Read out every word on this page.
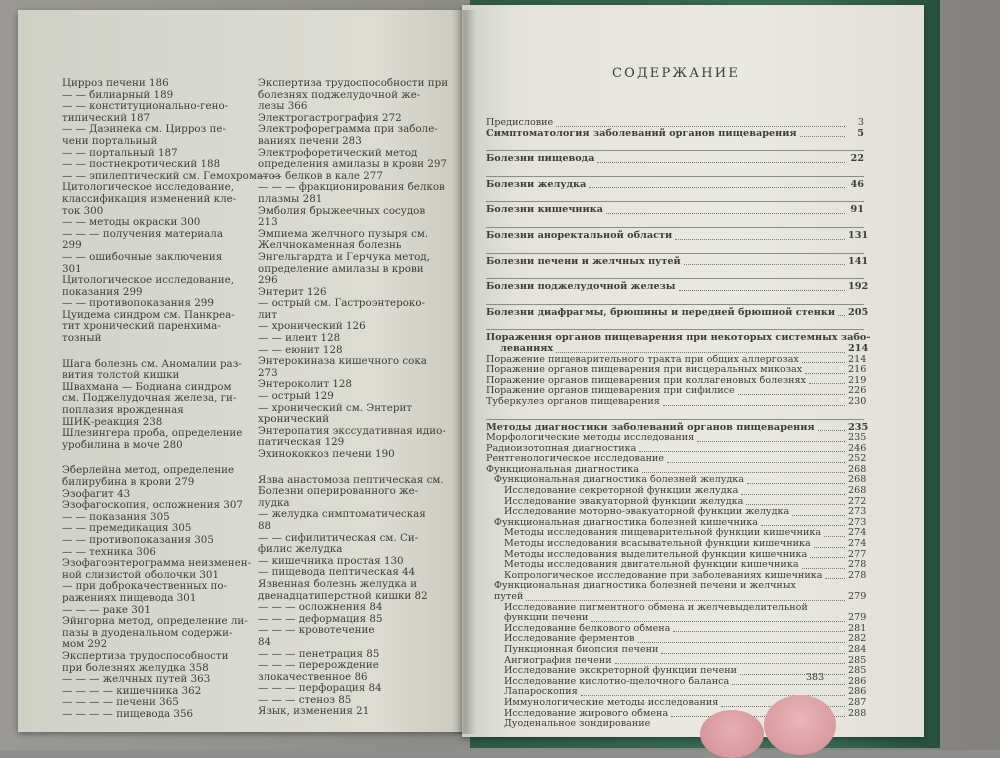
Цирроз печени 186
— — билиарный 189
— — конституционально-гено-
типический 187
— — Даэинека см. Цирроз пе-
чени портальный
— — портальный 187
— — постнекротический 188
— — эпилептический см. Гемохроматоз
Цитологическое исследование,
классификация изменений кле-
ток 300
— — методы окраски 300
— — — получения материала
299
— — ошибочные заключения
301
Цитологическое исследование,
показания 299
— — противопоказания 299
Цуидема синдром см. Панкреа-
тит хронический паренхима-
тозный
Шага болезнь см. Аномалии раз-
вития толстой кишки
Швахмана — Бодиана синдром
см. Поджелудочная железа, ги-
поплазия врожденная
ШИК-реакция 238
Шлезингера проба, определение
уробилина в моче 280
Эберлейна метод, определение
билирубина в крови 279
Эзофагит 43
Эзофагоскопия, осложнения 307
— — показания 305
— — премедикация 305
— — противопоказания 305
— — техника 306
Эзофагоэнтерограмма неизменен-
ной слизистой оболочки 301
— при доброкачественных по-
ражениях пищевода 301
— — — раке 301
Эйнгорна метод, определение ли-
пазы в дуоденальном содержи-
мом 292
Экспертиза трудоспособности
при болезнях желудка 358
— — — желчных путей 363
— — — — кишечника 362
— — — — печени 365
— — — — пищевода 356
Экспертиза трудоспособности при
болезнях поджелудочной же-
лезы 366
Электрогастрография 272
Электрофореграмма при заболе-
ваниях печени 283
Электрофоретический метод
определения амилазы в крови 297
— — белков в кале 277
— — — фракционирования белков
плазмы 281
Эмболия брыжеечных сосудов
213
Эмпиема желчного пузыря см.
Желчнокаменная болезнь
Энгельгардта и Герчука метод,
определение амилазы в крови
296
Энтерит 126
— острый см. Гастроэнтероко-
лит
— хронический 126
— — илеит 128
— — еюнит 128
Энтерокиназа кишечного сока
273
Энтероколит 128
— острый 129
— хронический см. Энтерит
хронический
Энтеропатия экссудативная идио-
патическая 129
Эхинококкоз печени 190
Язва анастомоза пептическая см.
Болезни оперированного же-
лудка
— желудка симптоматическая
88
— — сифилитическая см. Си-
филис желудка
— кишечника простая 130
— пищевода пептическая 44
Язвенная болезнь желудка и
двенадцатиперстной кишки 82
— — — осложнения 84
— — — деформация 85
— — — кровотечение
84
— — — пенетрация 85
— — — перерождение
злокачественное 86
— — — перфорация 84
— — — стеноз 85
Язык, изменения 21
СОДЕРЖАНИЕ
Предисловие	3
Симптоматология заболеваний органов пищеварения	5
Болезни пищевода	22
Болезни желудка	46
Болезни кишечника	91
Болезни аноректальной области	131
Болезни печени и желчных путей	141
Болезни поджелудочной железы	192
Болезни диафрагмы, брюшины и передней брюшной стенки 205
Поражения органов пищеварения при некоторых системных забо-
леваниях	214
Поражение пищеварительного тракта при общих аллергозах	214
Поражение органов пищеварения при висцеральных микозах	216
Поражение органов пищеварения при коллагеновых болезнях	219
Поражение органов пищеварения при сифилисе	226
Туберкулез органов пищеварения	230
Методы диагностики заболеваний органов пищеварения	235
Морфологические методы исследования	235
Радиоизотопная диагностика	246
Рентгенологическое исследование	252
Функциональная диагностика	268
Функциональная диагностика болезней желудка	268
Исследование секреторной функции желудка	268
Исследование эвакуаторной функции желудка	272
Исследование моторно-эвакуаторной функции желудка	273
Функциональная диагностика болезней кишечника	273
Методы исследования пищеварительной функции кишечника	274
Методы исследования всасывательной функции кишечника	274
Методы исследования выделительной функции кишечника	277
Методы исследования двигательной функции кишечника	278
Копрологическое исследование при заболеваниях кишечника	278
Функциональная диагностика болезней печени и желчных
путей	279
Исследование пигментного обмена и желчевыделительной
функции печени	279
Исследование белкового обмена	281
Исследование ферментов	282
Пункционная биопсия печени	284
Ангиография печени	285
Исследование экскреторной функции печени	285
Исследование кислотно-щелочного баланса	286
Лапароскопия	286
Иммунологические методы исследования	287
Исследование жирового обмена	288
Дуоденальное зондирование
383
